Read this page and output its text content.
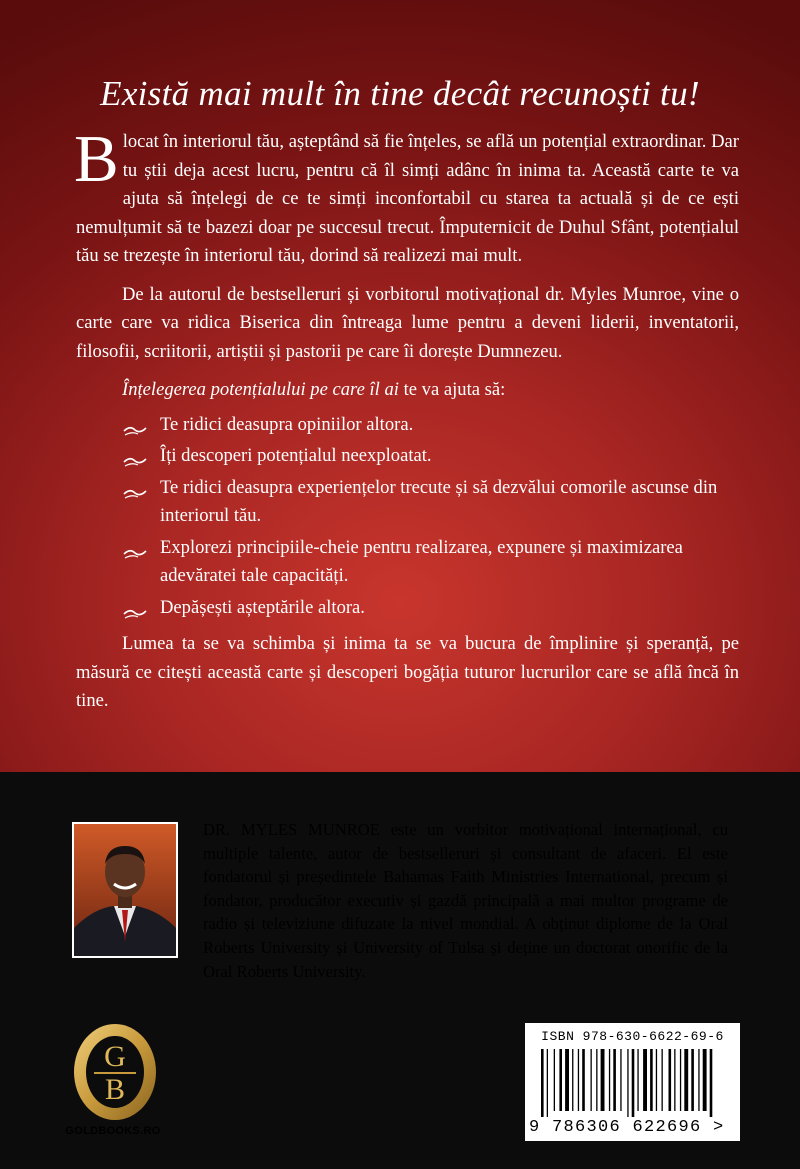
Există mai mult în tine decât recunoști tu!

Blocat în interiorul tău, așteptând să fie înțeles, se află un potențial extraordinar. Dar tu știi deja acest lucru, pentru că îl simți adânc în inima ta. Această carte te va ajuta să înțelegi de ce te simți inconfortabil cu starea ta actuală și de ce ești nemulțumit să te bazezi doar pe succesul trecut. Împuternicit de Duhul Sfânt, potențialul tău se trezește în interiorul tău, dorind să realizezi mai mult.

De la autorul de bestselleruri și vorbitorul motivațional dr. Myles Munroe, vine o carte care va ridica Biserica din întreaga lume pentru a deveni liderii, inventatorii, filosofii, scriitorii, artiștii și pastorii pe care îi dorește Dumnezeu.

Înțelegerea potențialului pe care îl ai te va ajuta să:

Te ridici deasupra opiniilor altora.
Îți descoperi potențialul neexploatat.
Te ridici deasupra experiențelor trecute și să dezvălui comorile ascunse din interiorul tău.
Explorezi principiile-cheie pentru realizarea, expunere și maximizarea adevăratei tale capacități.
Depășești așteptările altora.

Lumea ta se va schimba și inima ta se va bucura de împlinire și speranță, pe măsură ce citești această carte și descoperi bogăția tuturor lucrurilor care se află încă în tine.

DR. MYLES MUNROE este un vorbitor motivațional internațional, cu multiple talente, autor de bestselleruri și consultant de afaceri. El este fondatorul și președintele Bahamas Faith Ministries International, precum și fondator, producător executiv și gazdă principală a mai multor programe de radio și televiziune difuzate la nivel mondial. A obținut diplome de la Oral Roberts University și University of Tulsa și deține un doctorat onorific de la Oral Roberts University.
G
B
GOLDBOOKS.RO
ISBN 978-630-6622-69-6
9 786306 622696 >
